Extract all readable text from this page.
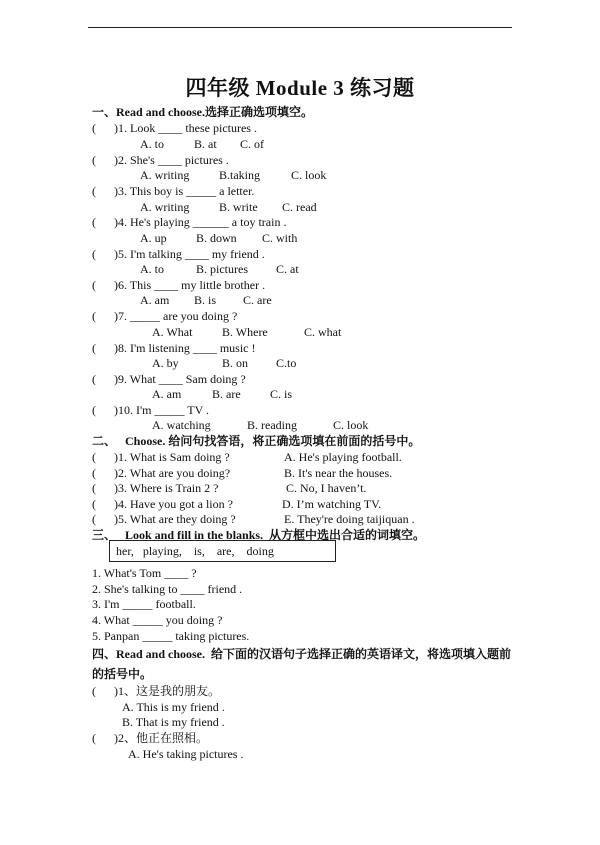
四年级 Module 3 练习题
一、Read and choose.选择正确选项填空。
(      )1. Look ____ these pictures .
A. to	B. at C. of
(      )2. She's ____ pictures .
A. writing B.taking	C. look
(      )3. This boy is _____ a letter.
A. writing B. write C. read
(      )4. He's playing ______ a toy train .
A. up B. down C. with
(      )5. I'm talking ____ my friend .
A. to	B. pictures C. at
(      )6. This ____ my little brother .
A. am B. is C. are
(      )7. _____ are you doing ?
A. What B. Where	C. what
(      )8. I'm listening ____ music !
A. by	B. on C.to
(      )9. What ____ Sam doing ?
A. am	B. are C. is
(      )10. I'm _____ TV .
A. watching	B. reading	C. look
二、   Choose. 给问句找答语，将正确选项填在前面的括号中。
(      )1. What is Sam doing ?	A. He's playing football.
(      )2. What are you doing?	B. It's near the houses.
(      )3. Where is Train 2 ?	C. No, I haven’t.
(      )4. Have you got a lion ?	D. I’m watching TV.
(      )5. What are they doing ?	E. They're doing taijiquan .
三、   Look and fill in the blanks.  从方框中选出合适的词填空。
her,   playing,    is,    are,    doing
1. What's Tom ____ ?
2. She's talking to ____ friend .
3. I'm _____ football.
4. What _____ you doing ?
5. Panpan _____ taking pictures.
四、Read and choose.  给下面的汉语句子选择正确的英语译文，将选项填入题前
的括号中。
(      )1、这是我的朋友。
A. This is my friend .
B. That is my friend .
(      )2、他正在照相。
A. He's taking pictures .
